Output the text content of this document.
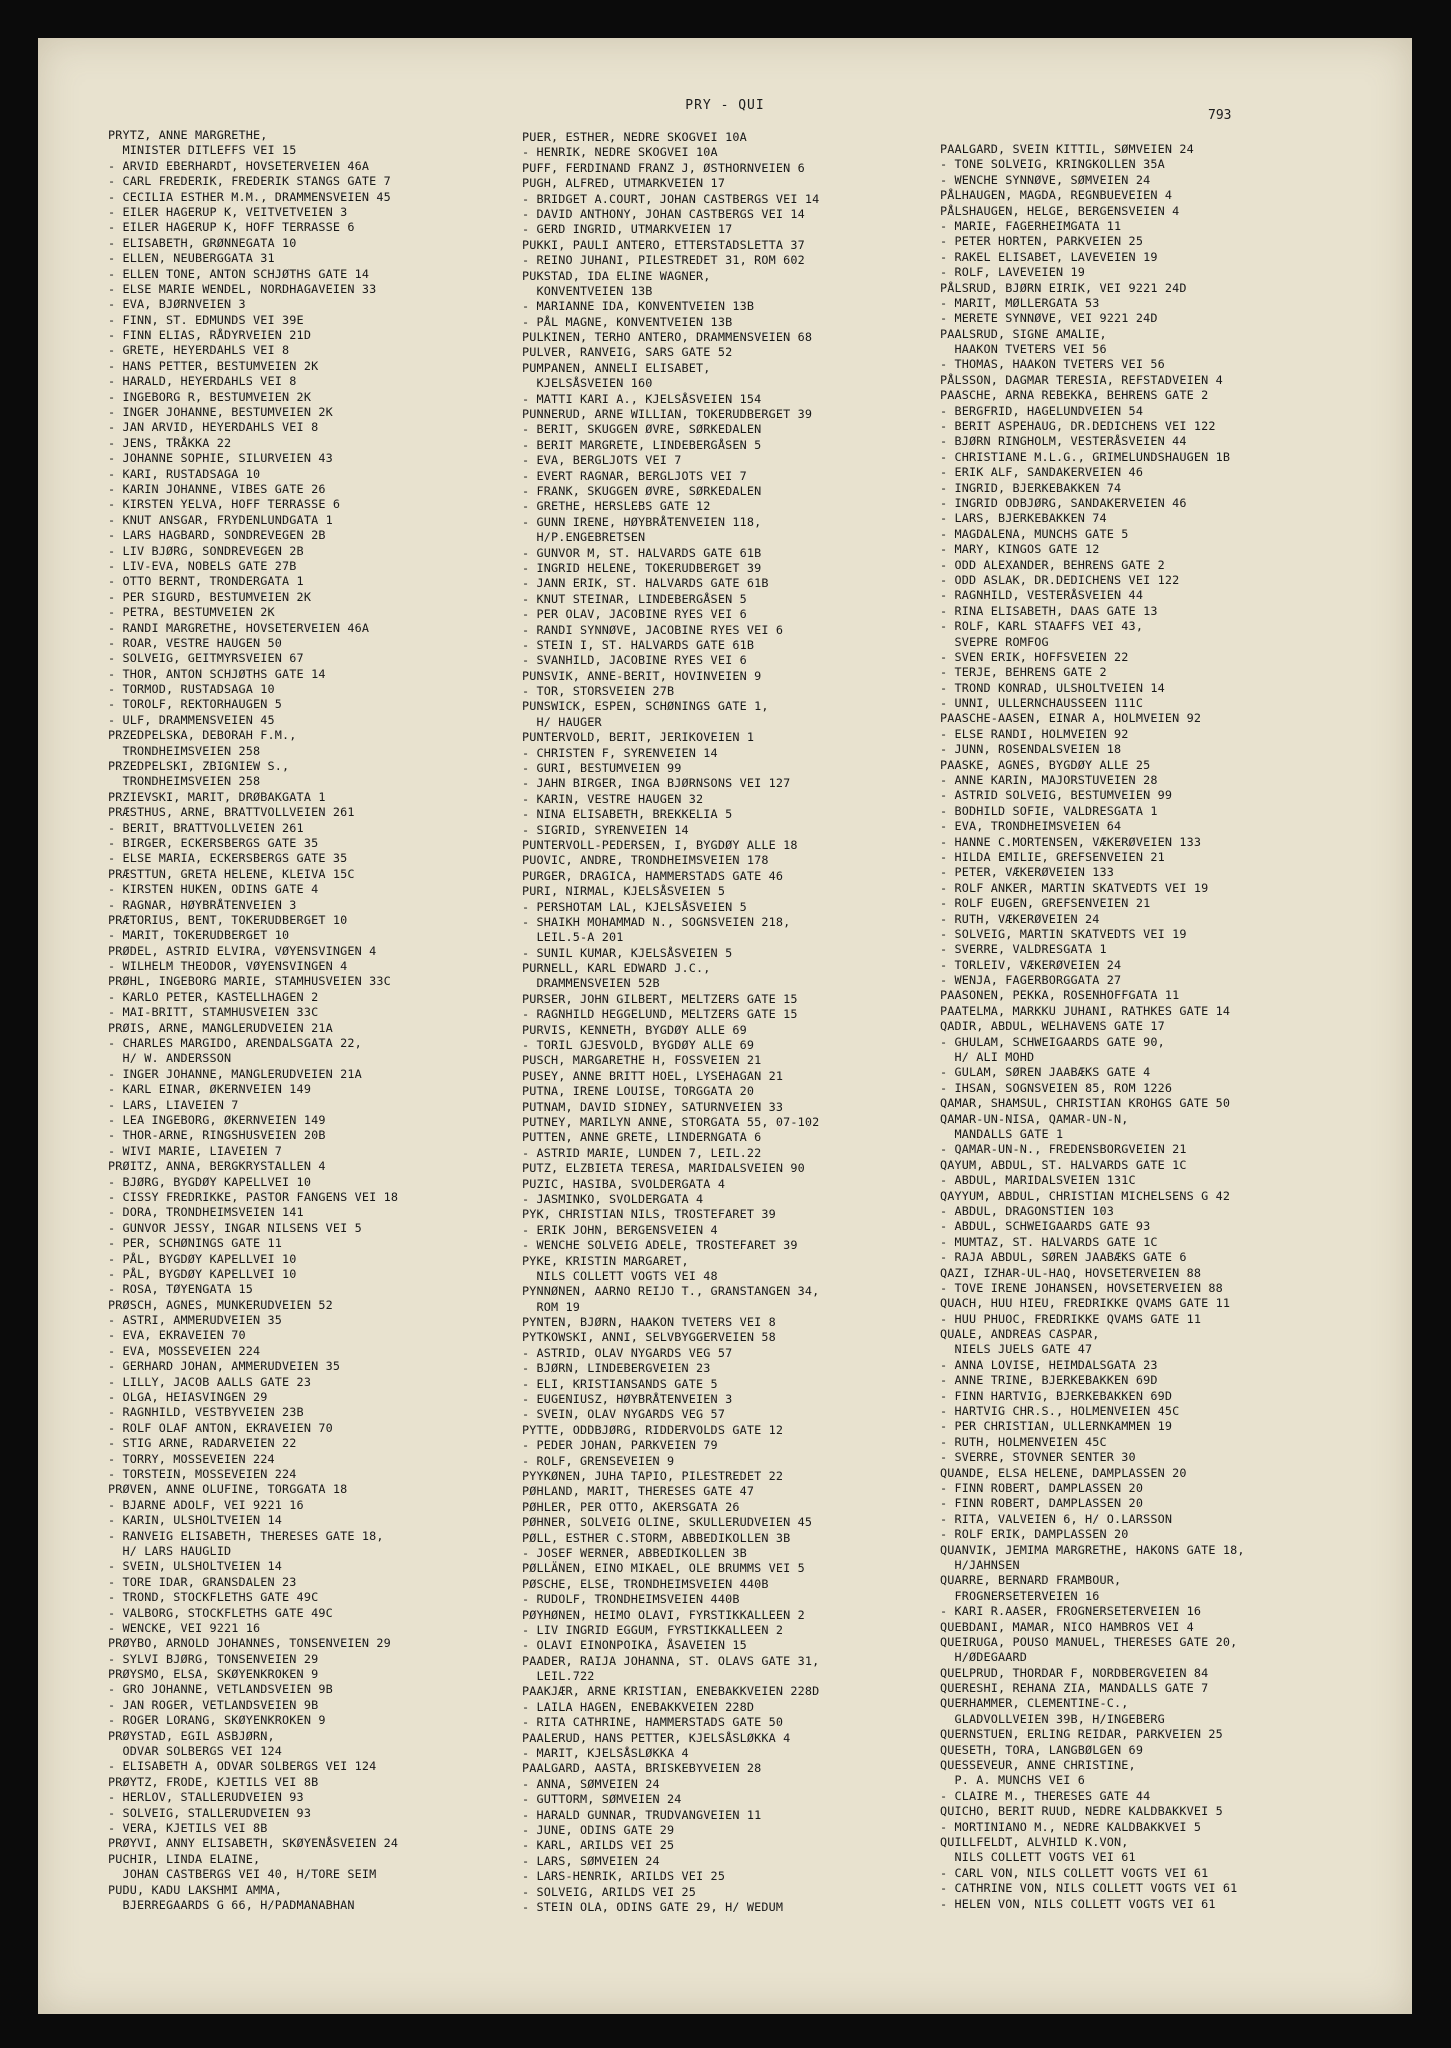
PRY - QUI
793
PRYTZ, ANNE MARGRETHE,
MINISTER DITLEFFS VEI 15
- ARVID EBERHARDT, HOVSETERVEIEN 46A
- CARL FREDERIK, FREDERIK STANGS GATE 7
- CECILIA ESTHER M.M., DRAMMENSVEIEN 45
- EILER HAGERUP K, VEITVETVEIEN 3
- EILER HAGERUP K, HOFF TERRASSE 6
- ELISABETH, GRØNNEGATA 10
- ELLEN, NEUBERGGATA 31
- ELLEN TONE, ANTON SCHJØTHS GATE 14
- ELSE MARIE WENDEL, NORDHAGAVEIEN 33
- EVA, BJØRNVEIEN 3
- FINN, ST. EDMUNDS VEI 39E
- FINN ELIAS, RÅDYRVEIEN 21D
- GRETE, HEYERDAHLS VEI 8
- HANS PETTER, BESTUMVEIEN 2K
- HARALD, HEYERDAHLS VEI 8
- INGEBORG R, BESTUMVEIEN 2K
- INGER JOHANNE, BESTUMVEIEN 2K
- JAN ARVID, HEYERDAHLS VEI 8
- JENS, TRÅKKA 22
- JOHANNE SOPHIE, SILURVEIEN 43
- KARI, RUSTADSAGA 10
- KARIN JOHANNE, VIBES GATE 26
- KIRSTEN YELVA, HOFF TERRASSE 6
- KNUT ANSGAR, FRYDENLUNDGATA 1
- LARS HAGBARD, SONDREVEGEN 2B
- LIV BJØRG, SONDREVEGEN 2B
- LIV-EVA, NOBELS GATE 27B
- OTTO BERNT, TRONDERGATA 1
- PER SIGURD, BESTUMVEIEN 2K
- PETRA, BESTUMVEIEN 2K
- RANDI MARGRETHE, HOVSETERVEIEN 46A
- ROAR, VESTRE HAUGEN 50
- SOLVEIG, GEITMYRSVEIEN 67
- THOR, ANTON SCHJØTHS GATE 14
- TORMOD, RUSTADSAGA 10
- TOROLF, REKTORHAUGEN 5
- ULF, DRAMMENSVEIEN 45
PRZEDPELSKA, DEBORAH F.M.,
TRONDHEIMSVEIEN 258
PRZEDPELSKI, ZBIGNIEW S.,
TRONDHEIMSVEIEN 258
PRZIEVSKI, MARIT, DRØBAKGATA 1
PRÆSTHUS, ARNE, BRATTVOLLVEIEN 261
- BERIT, BRATTVOLLVEIEN 261
- BIRGER, ECKERSBERGS GATE 35
- ELSE MARIA, ECKERSBERGS GATE 35
PRÆSTTUN, GRETA HELENE, KLEIVA 15C
- KIRSTEN HUKEN, ODINS GATE 4
- RAGNAR, HØYBRÅTENVEIEN 3
PRÆTORIUS, BENT, TOKERUDBERGET 10
- MARIT, TOKERUDBERGET 10
PRØDEL, ASTRID ELVIRA, VØYENSVINGEN 4
- WILHELM THEODOR, VØYENSVINGEN 4
PRØHL, INGEBORG MARIE, STAMHUSVEIEN 33C
- KARLO PETER, KASTELLHAGEN 2
- MAI-BRITT, STAMHUSVEIEN 33C
PRØIS, ARNE, MANGLERUDVEIEN 21A
- CHARLES MARGIDO, ARENDALSGATA 22,
H/ W. ANDERSSON
- INGER JOHANNE, MANGLERUDVEIEN 21A
- KARL EINAR, ØKERNVEIEN 149
- LARS, LIAVEIEN 7
- LEA INGEBORG, ØKERNVEIEN 149
- THOR-ARNE, RINGSHUSVEIEN 20B
- WIVI MARIE, LIAVEIEN 7
PRØITZ, ANNA, BERGKRYSTALLEN 4
- BJØRG, BYGDØY KAPELLVEI 10
- CISSY FREDRIKKE, PASTOR FANGENS VEI 18
- DORA, TRONDHEIMSVEIEN 141
- GUNVOR JESSY, INGAR NILSENS VEI 5
- PER, SCHØNINGS GATE 11
- PÅL, BYGDØY KAPELLVEI 10
- PÅL, BYGDØY KAPELLVEI 10
- ROSA, TØYENGATA 15
PRØSCH, AGNES, MUNKERUDVEIEN 52
- ASTRI, AMMERUDVEIEN 35
- EVA, EKRAVEIEN 70
- EVA, MOSSEVEIEN 224
- GERHARD JOHAN, AMMERUDVEIEN 35
- LILLY, JACOB AALLS GATE 23
- OLGA, HEIASVINGEN 29
- RAGNHILD, VESTBYVEIEN 23B
- ROLF OLAF ANTON, EKRAVEIEN 70
- STIG ARNE, RADARVEIEN 22
- TORRY, MOSSEVEIEN 224
- TORSTEIN, MOSSEVEIEN 224
PRØVEN, ANNE OLUFINE, TORGGATA 18
- BJARNE ADOLF, VEI 9221 16
- KARIN, ULSHOLTVEIEN 14
- RANVEIG ELISABETH, THERESES GATE 18,
H/ LARS HAUGLID
- SVEIN, ULSHOLTVEIEN 14
- TORE IDAR, GRANSDALEN 23
- TROND, STOCKFLETHS GATE 49C
- VALBORG, STOCKFLETHS GATE 49C
- WENCKE, VEI 9221 16
PRØYBO, ARNOLD JOHANNES, TONSENVEIEN 29
- SYLVI BJØRG, TONSENVEIEN 29
PRØYSMO, ELSA, SKØYENKROKEN 9
- GRO JOHANNE, VETLANDSVEIEN 9B
- JAN ROGER, VETLANDSVEIEN 9B
- ROGER LORANG, SKØYENKROKEN 9
PRØYSTAD, EGIL ASBJØRN,
ODVAR SOLBERGS VEI 124
- ELISABETH A, ODVAR SOLBERGS VEI 124
PRØYTZ, FRODE, KJETILS VEI 8B
- HERLOV, STALLERUDVEIEN 93
- SOLVEIG, STALLERUDVEIEN 93
- VERA, KJETILS VEI 8B
PRØYVI, ANNY ELISABETH, SKØYENÅSVEIEN 24
PUCHIR, LINDA ELAINE,
JOHAN CASTBERGS VEI 40, H/TORE SEIM
PUDU, KADU LAKSHMI AMMA,
BJERREGAARDS G 66, H/PADMANABHAN
PUER, ESTHER, NEDRE SKOGVEI 10A
- HENRIK, NEDRE SKOGVEI 10A
PUFF, FERDINAND FRANZ J, ØSTHORNVEIEN 6
PUGH, ALFRED, UTMARKVEIEN 17
- BRIDGET A.COURT, JOHAN CASTBERGS VEI 14
- DAVID ANTHONY, JOHAN CASTBERGS VEI 14
- GERD INGRID, UTMARKVEIEN 17
PUKKI, PAULI ANTERO, ETTERSTADSLETTA 37
- REINO JUHANI, PILESTREDET 31, ROM 602
PUKSTAD, IDA ELINE WAGNER,
KONVENTVEIEN 13B
- MARIANNE IDA, KONVENTVEIEN 13B
- PÅL MAGNE, KONVENTVEIEN 13B
PULKINEN, TERHO ANTERO, DRAMMENSVEIEN 68
PULVER, RANVEIG, SARS GATE 52
PUMPANEN, ANNELI ELISABET,
KJELSÅSVEIEN 160
- MATTI KARI A., KJELSÅSVEIEN 154
PUNNERUD, ARNE WILLIAN, TOKERUDBERGET 39
- BERIT, SKUGGEN ØVRE, SØRKEDALEN
- BERIT MARGRETE, LINDEBERGÅSEN 5
- EVA, BERGLJOTS VEI 7
- EVERT RAGNAR, BERGLJOTS VEI 7
- FRANK, SKUGGEN ØVRE, SØRKEDALEN
- GRETHE, HERSLEBS GATE 12
- GUNN IRENE, HØYBRÅTENVEIEN 118,
H/P.ENGEBRETSEN
- GUNVOR M, ST. HALVARDS GATE 61B
- INGRID HELENE, TOKERUDBERGET 39
- JANN ERIK, ST. HALVARDS GATE 61B
- KNUT STEINAR, LINDEBERGÅSEN 5
- PER OLAV, JACOBINE RYES VEI 6
- RANDI SYNNØVE, JACOBINE RYES VEI 6
- STEIN I, ST. HALVARDS GATE 61B
- SVANHILD, JACOBINE RYES VEI 6
PUNSVIK, ANNE-BERIT, HOVINVEIEN 9
- TOR, STORSVEIEN 27B
PUNSWICK, ESPEN, SCHØNINGS GATE 1,
H/ HAUGER
PUNTERVOLD, BERIT, JERIKOVEIEN 1
- CHRISTEN F, SYRENVEIEN 14
- GURI, BESTUMVEIEN 99
- JAHN BIRGER, INGA BJØRNSONS VEI 127
- KARIN, VESTRE HAUGEN 32
- NINA ELISABETH, BREKKELIA 5
- SIGRID, SYRENVEIEN 14
PUNTERVOLL-PEDERSEN, I, BYGDØY ALLE 18
PUOVIC, ANDRE, TRONDHEIMSVEIEN 178
PURGER, DRAGICA, HAMMERSTADS GATE 46
PURI, NIRMAL, KJELSÅSVEIEN 5
- PERSHOTAM LAL, KJELSÅSVEIEN 5
- SHAIKH MOHAMMAD N., SOGNSVEIEN 218,
LEIL.5-A 201
- SUNIL KUMAR, KJELSÅSVEIEN 5
PURNELL, KARL EDWARD J.C.,
DRAMMENSVEIEN 52B
PURSER, JOHN GILBERT, MELTZERS GATE 15
- RAGNHILD HEGGELUND, MELTZERS GATE 15
PURVIS, KENNETH, BYGDØY ALLE 69
- TORIL GJESVOLD, BYGDØY ALLE 69
PUSCH, MARGARETHE H, FOSSVEIEN 21
PUSEY, ANNE BRITT HOEL, LYSEHAGAN 21
PUTNA, IRENE LOUISE, TORGGATA 20
PUTNAM, DAVID SIDNEY, SATURNVEIEN 33
PUTNEY, MARILYN ANNE, STORGATA 55, 07-102
PUTTEN, ANNE GRETE, LINDERNGATA 6
- ASTRID MARIE, LUNDEN 7, LEIL.22
PUTZ, ELZBIETA TERESA, MARIDALSVEIEN 90
PUZIC, HASIBA, SVOLDERGATA 4
- JASMINKO, SVOLDERGATA 4
PYK, CHRISTIAN NILS, TROSTEFARET 39
- ERIK JOHN, BERGENSVEIEN 4
- WENCHE SOLVEIG ADELE, TROSTEFARET 39
PYKE, KRISTIN MARGARET,
NILS COLLETT VOGTS VEI 48
PYNNØNEN, AARNO REIJO T., GRANSTANGEN 34,
ROM 19
PYNTEN, BJØRN, HAAKON TVETERS VEI 8
PYTKOWSKI, ANNI, SELVBYGGERVEIEN 58
- ASTRID, OLAV NYGARDS VEG 57
- BJØRN, LINDEBERGVEIEN 23
- ELI, KRISTIANSANDS GATE 5
- EUGENIUSZ, HØYBRÅTENVEIEN 3
- SVEIN, OLAV NYGARDS VEG 57
PYTTE, ODDBJØRG, RIDDERVOLDS GATE 12
- PEDER JOHAN, PARKVEIEN 79
- ROLF, GRENSEVEIEN 9
PYYKØNEN, JUHA TAPIO, PILESTREDET 22
PØHLAND, MARIT, THERESES GATE 47
PØHLER, PER OTTO, AKERSGATA 26
PØHNER, SOLVEIG OLINE, SKULLERUDVEIEN 45
PØLL, ESTHER C.STORM, ABBEDIKOLLEN 3B
- JOSEF WERNER, ABBEDIKOLLEN 3B
PØLLÄNEN, EINO MIKAEL, OLE BRUMMS VEI 5
PØSCHE, ELSE, TRONDHEIMSVEIEN 440B
- RUDOLF, TRONDHEIMSVEIEN 440B
PØYHØNEN, HEIMO OLAVI, FYRSTIKKALLEEN 2
- LIV INGRID EGGUM, FYRSTIKKALLEEN 2
- OLAVI EINONPOIKA, ÅSAVEIEN 15
PAADER, RAIJA JOHANNA, ST. OLAVS GATE 31,
LEIL.722
PAAKJÆR, ARNE KRISTIAN, ENEBAKKVEIEN 228D
- LAILA HAGEN, ENEBAKKVEIEN 228D
- RITA CATHRINE, HAMMERSTADS GATE 50
PAALERUD, HANS PETTER, KJELSÅSLØKKA 4
- MARIT, KJELSÅSLØKKA 4
PAALGARD, AASTA, BRISKEBYVEIEN 28
- ANNA, SØMVEIEN 24
- GUTTORM, SØMVEIEN 24
- HARALD GUNNAR, TRUDVANGVEIEN 11
- JUNE, ODINS GATE 29
- KARL, ARILDS VEI 25
- LARS, SØMVEIEN 24
- LARS-HENRIK, ARILDS VEI 25
- SOLVEIG, ARILDS VEI 25
- STEIN OLA, ODINS GATE 29, H/ WEDUM
PAALGARD, SVEIN KITTIL, SØMVEIEN 24
- TONE SOLVEIG, KRINGKOLLEN 35A
- WENCHE SYNNØVE, SØMVEIEN 24
PÅLHAUGEN, MAGDA, REGNBUEVEIEN 4
PÅLSHAUGEN, HELGE, BERGENSVEIEN 4
- MARIE, FAGERHEIMGATA 11
- PETER HORTEN, PARKVEIEN 25
- RAKEL ELISABET, LAVEVEIEN 19
- ROLF, LAVEVEIEN 19
PÅLSRUD, BJØRN EIRIK, VEI 9221 24D
- MARIT, MØLLERGATA 53
- MERETE SYNNØVE, VEI 9221 24D
PAALSRUD, SIGNE AMALIE,
HAAKON TVETERS VEI 56
- THOMAS, HAAKON TVETERS VEI 56
PÅLSSON, DAGMAR TERESIA, REFSTADVEIEN 4
PAASCHE, ARNA REBEKKA, BEHRENS GATE 2
- BERGFRID, HAGELUNDVEIEN 54
- BERIT ASPEHAUG, DR.DEDICHENS VEI 122
- BJØRN RINGHOLM, VESTERÅSVEIEN 44
- CHRISTIANE M.L.G., GRIMELUNDSHAUGEN 1B
- ERIK ALF, SANDAKERVEIEN 46
- INGRID, BJERKEBAKKEN 74
- INGRID ODBJØRG, SANDAKERVEIEN 46
- LARS, BJERKEBAKKEN 74
- MAGDALENA, MUNCHS GATE 5
- MARY, KINGOS GATE 12
- ODD ALEXANDER, BEHRENS GATE 2
- ODD ASLAK, DR.DEDICHENS VEI 122
- RAGNHILD, VESTERÅSVEIEN 44
- RINA ELISABETH, DAAS GATE 13
- ROLF, KARL STAAFFS VEI 43,
SVEPRE ROMFOG
- SVEN ERIK, HOFFSVEIEN 22
- TERJE, BEHRENS GATE 2
- TROND KONRAD, ULSHOLTVEIEN 14
- UNNI, ULLERNCHAUSSEEN 111C
PAASCHE-AASEN, EINAR A, HOLMVEIEN 92
- ELSE RANDI, HOLMVEIEN 92
- JUNN, ROSENDALSVEIEN 18
PAASKE, AGNES, BYGDØY ALLE 25
- ANNE KARIN, MAJORSTUVEIEN 28
- ASTRID SOLVEIG, BESTUMVEIEN 99
- BODHILD SOFIE, VALDRESGATA 1
- EVA, TRONDHEIMSVEIEN 64
- HANNE C.MORTENSEN, VÆKERØVEIEN 133
- HILDA EMILIE, GREFSENVEIEN 21
- PETER, VÆKERØVEIEN 133
- ROLF ANKER, MARTIN SKATVEDTS VEI 19
- ROLF EUGEN, GREFSENVEIEN 21
- RUTH, VÆKERØVEIEN 24
- SOLVEIG, MARTIN SKATVEDTS VEI 19
- SVERRE, VALDRESGATA 1
- TORLEIV, VÆKERØVEIEN 24
- WENJA, FAGERBORGGATA 27
PAASONEN, PEKKA, ROSENHOFFGATA 11
PAATELMA, MARKKU JUHANI, RATHKES GATE 14
QADIR, ABDUL, WELHAVENS GATE 17
- GHULAM, SCHWEIGAARDS GATE 90,
H/ ALI MOHD
- GULAM, SØREN JAABÆKS GATE 4
- IHSAN, SOGNSVEIEN 85, ROM 1226
QAMAR, SHAMSUL, CHRISTIAN KROHGS GATE 50
QAMAR-UN-NISA, QAMAR-UN-N,
MANDALLS GATE 1
- QAMAR-UN-N., FREDENSBORGVEIEN 21
QAYUM, ABDUL, ST. HALVARDS GATE 1C
- ABDUL, MARIDALSVEIEN 131C
QAYYUM, ABDUL, CHRISTIAN MICHELSENS G 42
- ABDUL, DRAGONSTIEN 103
- ABDUL, SCHWEIGAARDS GATE 93
- MUMTAZ, ST. HALVARDS GATE 1C
- RAJA ABDUL, SØREN JAABÆKS GATE 6
QAZI, IZHAR-UL-HAQ, HOVSETERVEIEN 88
- TOVE IRENE JOHANSEN, HOVSETERVEIEN 88
QUACH, HUU HIEU, FREDRIKKE QVAMS GATE 11
- HUU PHUOC, FREDRIKKE QVAMS GATE 11
QUALE, ANDREAS CASPAR,
NIELS JUELS GATE 47
- ANNA LOVISE, HEIMDALSGATA 23
- ANNE TRINE, BJERKEBAKKEN 69D
- FINN HARTVIG, BJERKEBAKKEN 69D
- HARTVIG CHR.S., HOLMENVEIEN 45C
- PER CHRISTIAN, ULLERNKAMMEN 19
- RUTH, HOLMENVEIEN 45C
- SVERRE, STOVNER SENTER 30
QUANDE, ELSA HELENE, DAMPLASSEN 20
- FINN ROBERT, DAMPLASSEN 20
- FINN ROBERT, DAMPLASSEN 20
- RITA, VALVEIEN 6, H/ O.LARSSON
- ROLF ERIK, DAMPLASSEN 20
QUANVIK, JEMIMA MARGRETHE, HAKONS GATE 18,
H/JAHNSEN
QUARRE, BERNARD FRAMBOUR,
FROGNERSETERVEIEN 16
- KARI R.AASER, FROGNERSETERVEIEN 16
QUEBDANI, MAMAR, NICO HAMBROS VEI 4
QUEIRUGA, POUSO MANUEL, THERESES GATE 20,
H/ØDEGAARD
QUELPRUD, THORDAR F, NORDBERGVEIEN 84
QUERESHI, REHANA ZIA, MANDALLS GATE 7
QUERHAMMER, CLEMENTINE-C.,
GLADVOLLVEIEN 39B, H/INGEBERG
QUERNSTUEN, ERLING REIDAR, PARKVEIEN 25
QUESETH, TORA, LANGBØLGEN 69
QUESSEVEUR, ANNE CHRISTINE,
P. A. MUNCHS VEI 6
- CLAIRE M., THERESES GATE 44
QUICHO, BERIT RUUD, NEDRE KALDBAKKVEI 5
- MORTINIANO M., NEDRE KALDBAKKVEI 5
QUILLFELDT, ALVHILD K.VON,
NILS COLLETT VOGTS VEI 61
- CARL VON, NILS COLLETT VOGTS VEI 61
- CATHRINE VON, NILS COLLETT VOGTS VEI 61
- HELEN VON, NILS COLLETT VOGTS VEI 61
